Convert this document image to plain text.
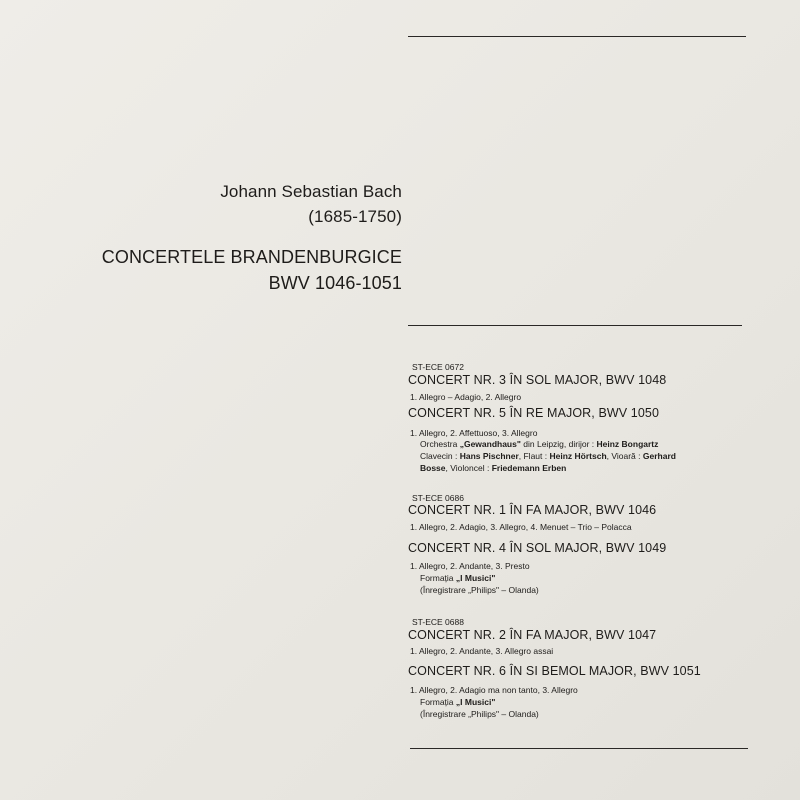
Johann Sebastian Bach
(1685-1750)
CONCERTELE BRANDENBURGICE
BWV 1046-1051
ST-ECE 0672
CONCERT NR. 3 ÎN SOL MAJOR, BWV 1048
1. Allegro – Adagio, 2. Allegro
CONCERT NR. 5 ÎN RE MAJOR, BWV 1050
1. Allegro, 2. Affettuoso, 3. Allegro
Orchestra „Gewandhaus" din Leipzig, dirijor : Heinz Bongartz
Clavecin : Hans Pischner, Flaut : Heinz Hörtsch, Vioară : Gerhard
Bosse, Violoncel : Friedemann Erben
ST-ECE 0686
CONCERT NR. 1 ÎN FA MAJOR, BWV 1046
1. Allegro, 2. Adagio, 3. Allegro, 4. Menuet – Trio – Polacca
CONCERT NR. 4 ÎN SOL MAJOR, BWV 1049
1. Allegro, 2. Andante, 3. Presto
Formația „I Musici"
(Înregistrare „Philips" – Olanda)
ST-ECE 0688
CONCERT NR. 2 ÎN FA MAJOR, BWV 1047
1. Allegro, 2. Andante, 3. Allegro assai
CONCERT NR. 6 ÎN SI BEMOL MAJOR, BWV 1051
1. Allegro, 2. Adagio ma non tanto, 3. Allegro
Formația „I Musici"
(Înregistrare „Philips" – Olanda)
